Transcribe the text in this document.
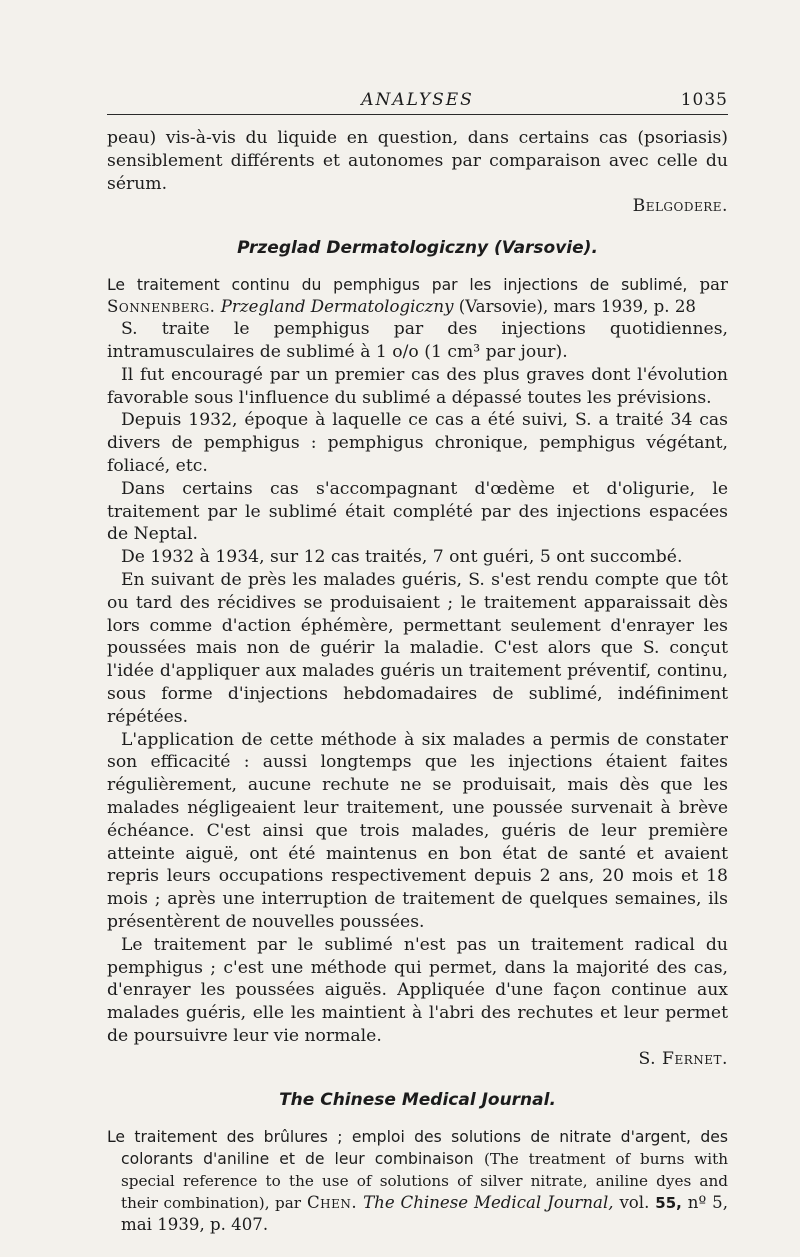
ANALYSES	1035

peau) vis-à-vis du liquide en question, dans certains cas (psoriasis) sensiblement différents et autonomes par comparaison avec celle du sérum.

Belgodere.

Przeglad Dermatologiczny (Varsovie).
Le traitement continu du pemphigus par les injections de sublimé, par Sonnenberg. Przegland Dermatologiczny (Varsovie), mars 1939, p. 28

S. traite le pemphigus par des injections quotidiennes, intramusculaires de sublimé à 1 o/o (1 cm³ par jour).

Il fut encouragé par un premier cas des plus graves dont l'évolution favorable sous l'influence du sublimé a dépassé toutes les prévisions.

Depuis 1932, époque à laquelle ce cas a été suivi, S. a traité 34 cas divers de pemphigus : pemphigus chronique, pemphigus végétant, foliacé, etc.

Dans certains cas s'accompagnant d'œdème et d'oligurie, le traitement par le sublimé était complété par des injections espacées de Neptal.

De 1932 à 1934, sur 12 cas traités, 7 ont guéri, 5 ont succombé.

En suivant de près les malades guéris, S. s'est rendu compte que tôt ou tard des récidives se produisaient ; le traitement apparaissait dès lors comme d'action éphémère, permettant seulement d'enrayer les poussées mais non de guérir la maladie. C'est alors que S. conçut l'idée d'appliquer aux malades guéris un traitement préventif, continu, sous forme d'injections hebdomadaires de sublimé, indéfiniment répétées.

L'application de cette méthode à six malades a permis de constater son efficacité : aussi longtemps que les injections étaient faites régulièrement, aucune rechute ne se produisait, mais dès que les malades négligeaient leur traitement, une poussée survenait à brève échéance. C'est ainsi que trois malades, guéris de leur première atteinte aiguë, ont été maintenus en bon état de santé et avaient repris leurs occupations respectivement depuis 2 ans, 20 mois et 18 mois ; après une interruption de traitement de quelques semaines, ils présentèrent de nouvelles poussées.

Le traitement par le sublimé n'est pas un traitement radical du pemphigus ; c'est une méthode qui permet, dans la majorité des cas, d'enrayer les poussées aiguës. Appliquée d'une façon continue aux malades guéris, elle les maintient à l'abri des rechutes et leur permet de poursuivre leur vie normale.

S. Fernet.

The Chinese Medical Journal.
Le traitement des brûlures ; emploi des solutions de nitrate d'argent, des colorants d'aniline et de leur combinaison (The treatment of burns with special reference to the use of solutions of silver nitrate, aniline dyes and their combination), par Chen. The Chinese Medical Journal, vol. 55, nº 5, mai 1939, p. 407.
